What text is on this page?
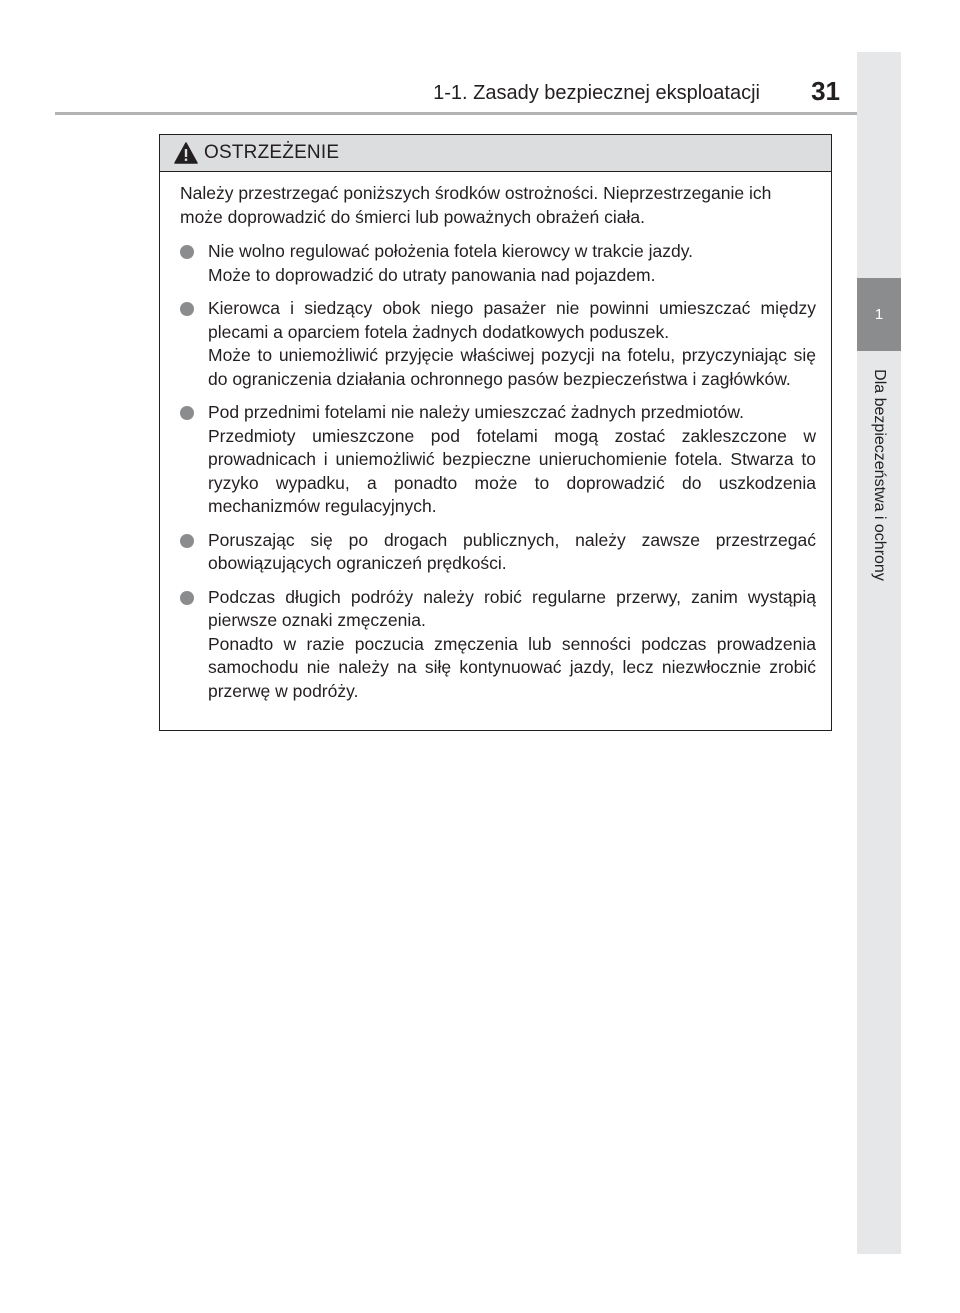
1-1. Zasady bezpiecznej eksploatacji	31
1
Dla bezpieczeństwa i ochrony
OSTRZEŻENIE

Należy przestrzegać poniższych środków ostrożności. Nieprzestrzeganie ich może doprowadzić do śmierci lub poważnych obrażeń ciała.

Nie wolno regulować położenia fotela kierowcy w trakcie jazdy.

Może to doprowadzić do utraty panowania nad pojazdem.

Kierowca i siedzący obok niego pasażer nie powinni umieszczać między plecami a oparciem fotela żadnych dodatkowych poduszek.

Może to uniemożliwić przyjęcie właściwej pozycji na fotelu, przyczyniając się do ograniczenia działania ochronnego pasów bezpieczeństwa i zagłówków.

Pod przednimi fotelami nie należy umieszczać żadnych przedmiotów.

Przedmioty umieszczone pod fotelami mogą zostać zakleszczone w prowadnicach i uniemożliwić bezpieczne unieruchomienie fotela. Stwarza to ryzyko wypadku, a ponadto może to doprowadzić do uszkodzenia mechanizmów regulacyjnych.

Poruszając się po drogach publicznych, należy zawsze przestrzegać obowiązujących ograniczeń prędkości.

Podczas długich podróży należy robić regularne przerwy, zanim wystąpią pierwsze oznaki zmęczenia.

Ponadto w razie poczucia zmęczenia lub senności podczas prowadzenia samochodu nie należy na siłę kontynuować jazdy, lecz niezwłocznie zrobić przerwę w podróży.
